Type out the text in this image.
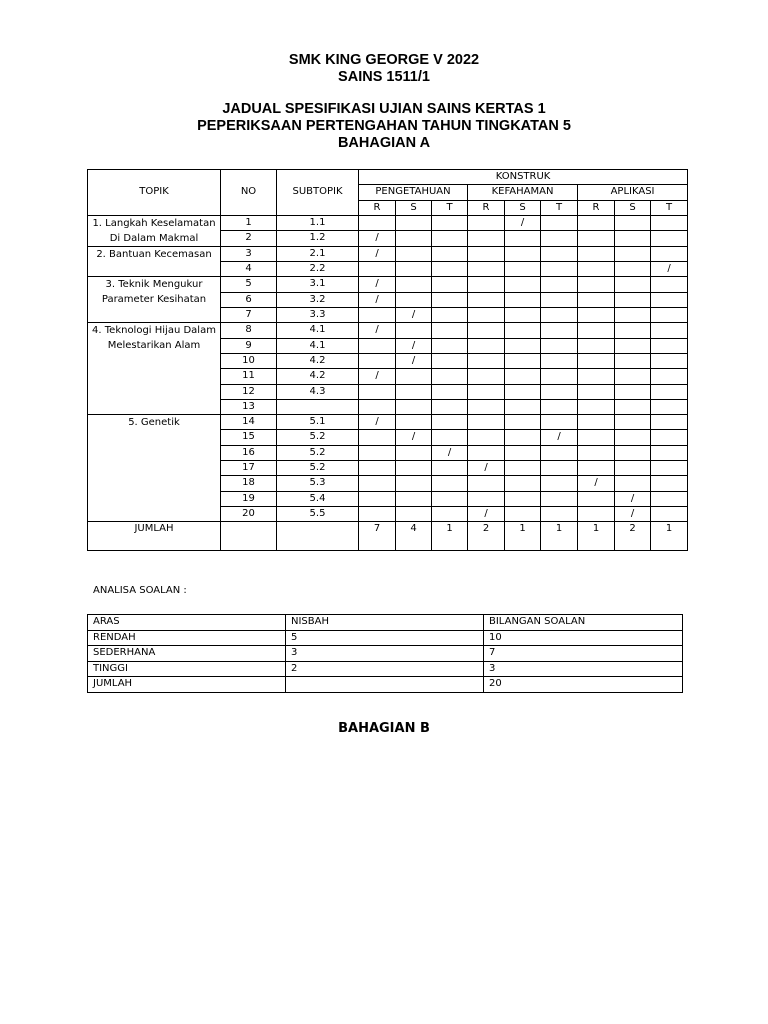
SMK KING GEORGE V 2022
SAINS 1511/1
JADUAL SPESIFIKASI UJIAN SAINS KERTAS 1
PEPERIKSAAN PERTENGAHAN TAHUN TINGKATAN 5
BAHAGIAN A
TOPIK	NO	SUBTOPIK	KONSTRUK								
			PENGETAHUAN			KEFAHAMAN			APLIKASI		
			R	S	T	R	S	T	R	S	T
1. Langkah Keselamatan Di Dalam Makmal	1	1.1					/				
	2	1.2	/								
2. Bantuan Kecemasan	3	2.1	/								
	4	2.2									/
3. Teknik Mengukur Parameter Kesihatan	5	3.1	/								
	6	3.2	/								
	7	3.3		/							
4. Teknologi Hijau Dalam Melestarikan Alam	8	4.1	/								
	9	4.1		/							
	10	4.2		/							
	11	4.2	/								
	12	4.3									
	13										
5. Genetik	14	5.1	/								
	15	5.2		/				/			
	16	5.2			/						
	17	5.2				/					
	18	5.3							/		
	19	5.4								/	
	20	5.5				/				/	
JUMLAH			7	4	1	2	1	1	1	2	1
ANALISA SOALAN :
ARAS	NISBAH	BILANGAN SOALAN
RENDAH	5	10
SEDERHANA	3	7
TINGGI	2	3
JUMLAH		20
BAHAGIAN B
